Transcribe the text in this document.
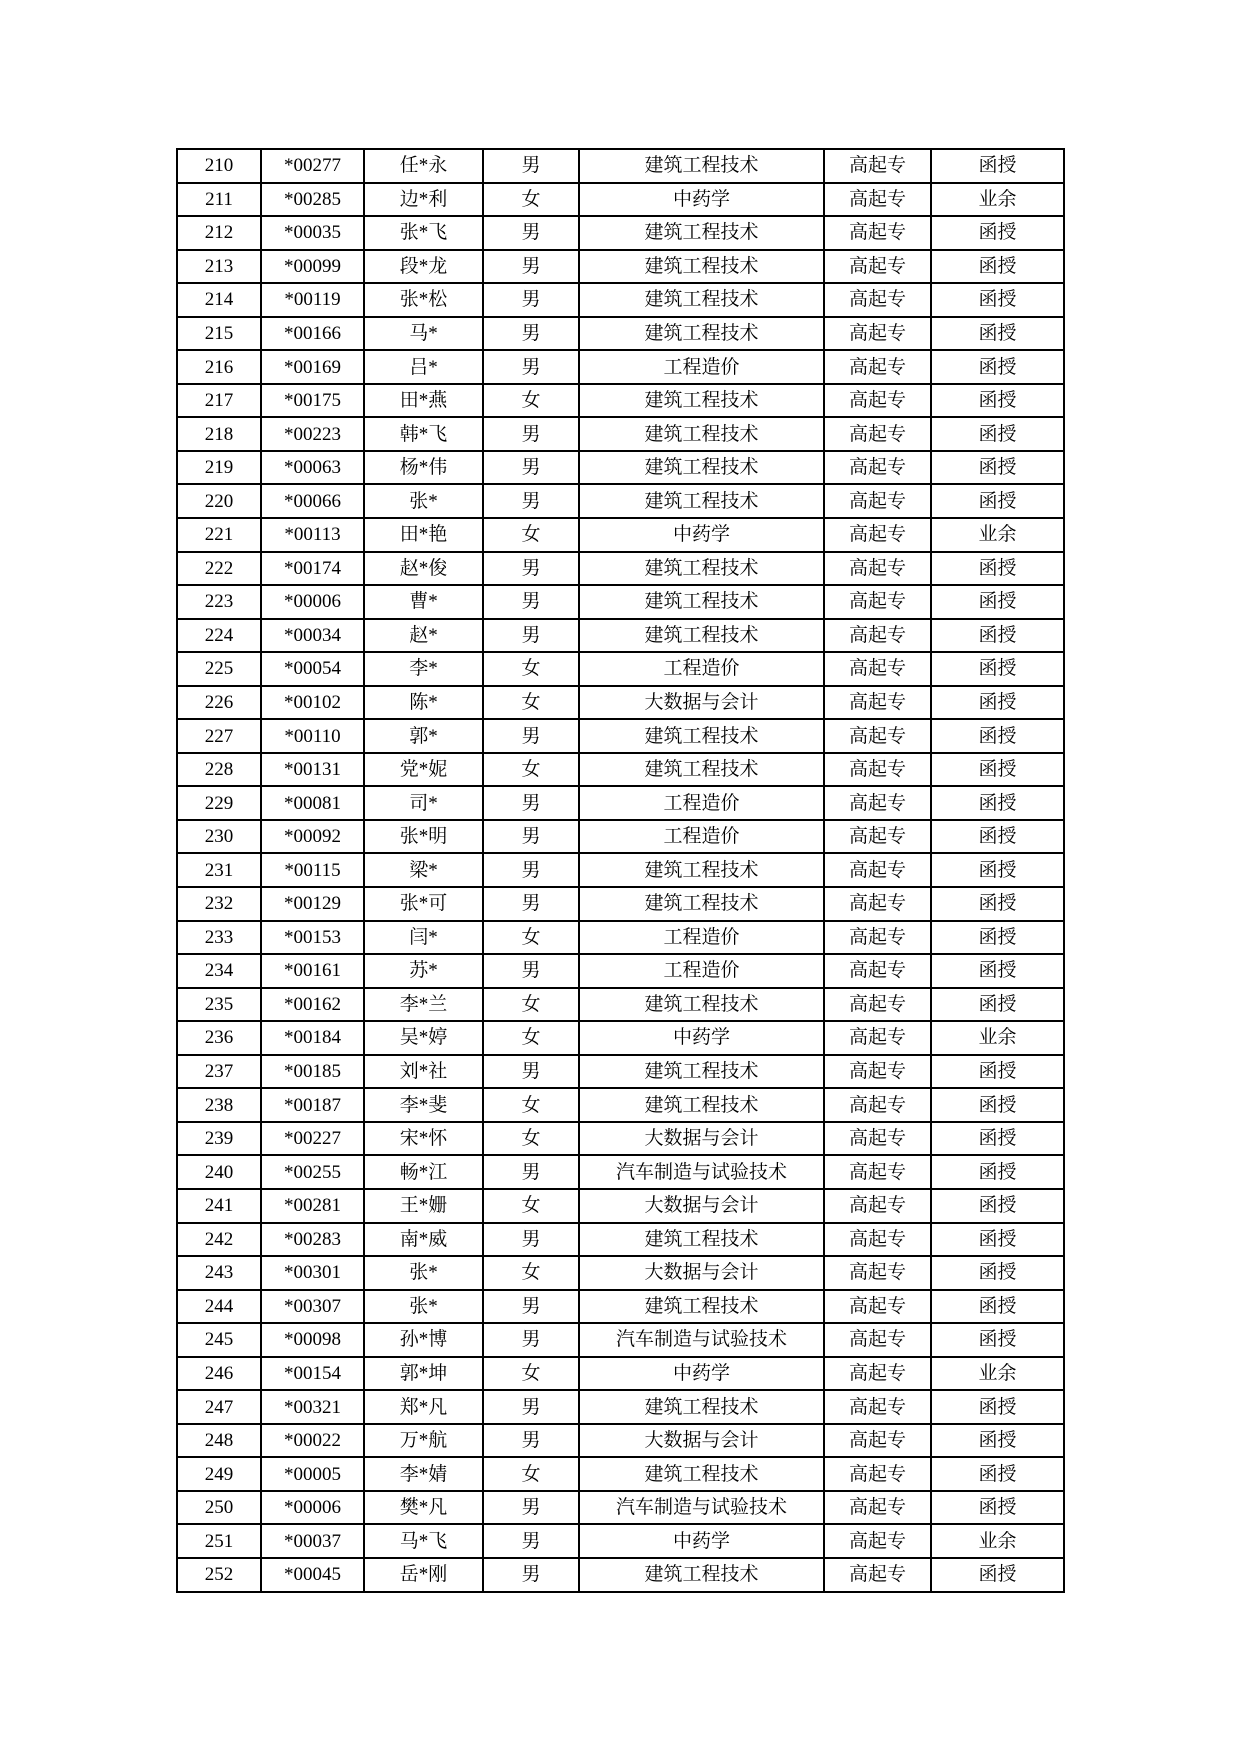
210	*00277	任*永	男	建筑工程技术	高起专	函授
211	*00285	边*利	女	中药学	高起专	业余
212	*00035	张*飞	男	建筑工程技术	高起专	函授
213	*00099	段*龙	男	建筑工程技术	高起专	函授
214	*00119	张*松	男	建筑工程技术	高起专	函授
215	*00166	马*	男	建筑工程技术	高起专	函授
216	*00169	吕*	男	工程造价	高起专	函授
217	*00175	田*燕	女	建筑工程技术	高起专	函授
218	*00223	韩*飞	男	建筑工程技术	高起专	函授
219	*00063	杨*伟	男	建筑工程技术	高起专	函授
220	*00066	张*	男	建筑工程技术	高起专	函授
221	*00113	田*艳	女	中药学	高起专	业余
222	*00174	赵*俊	男	建筑工程技术	高起专	函授
223	*00006	曹*	男	建筑工程技术	高起专	函授
224	*00034	赵*	男	建筑工程技术	高起专	函授
225	*00054	李*	女	工程造价	高起专	函授
226	*00102	陈*	女	大数据与会计	高起专	函授
227	*00110	郭*	男	建筑工程技术	高起专	函授
228	*00131	党*妮	女	建筑工程技术	高起专	函授
229	*00081	司*	男	工程造价	高起专	函授
230	*00092	张*明	男	工程造价	高起专	函授
231	*00115	梁*	男	建筑工程技术	高起专	函授
232	*00129	张*可	男	建筑工程技术	高起专	函授
233	*00153	闫*	女	工程造价	高起专	函授
234	*00161	苏*	男	工程造价	高起专	函授
235	*00162	李*兰	女	建筑工程技术	高起专	函授
236	*00184	吴*婷	女	中药学	高起专	业余
237	*00185	刘*社	男	建筑工程技术	高起专	函授
238	*00187	李*斐	女	建筑工程技术	高起专	函授
239	*00227	宋*怀	女	大数据与会计	高起专	函授
240	*00255	畅*江	男	汽车制造与试验技术	高起专	函授
241	*00281	王*姗	女	大数据与会计	高起专	函授
242	*00283	南*威	男	建筑工程技术	高起专	函授
243	*00301	张*	女	大数据与会计	高起专	函授
244	*00307	张*	男	建筑工程技术	高起专	函授
245	*00098	孙*博	男	汽车制造与试验技术	高起专	函授
246	*00154	郭*坤	女	中药学	高起专	业余
247	*00321	郑*凡	男	建筑工程技术	高起专	函授
248	*00022	万*航	男	大数据与会计	高起专	函授
249	*00005	李*婧	女	建筑工程技术	高起专	函授
250	*00006	樊*凡	男	汽车制造与试验技术	高起专	函授
251	*00037	马*飞	男	中药学	高起专	业余
252	*00045	岳*刚	男	建筑工程技术	高起专	函授
